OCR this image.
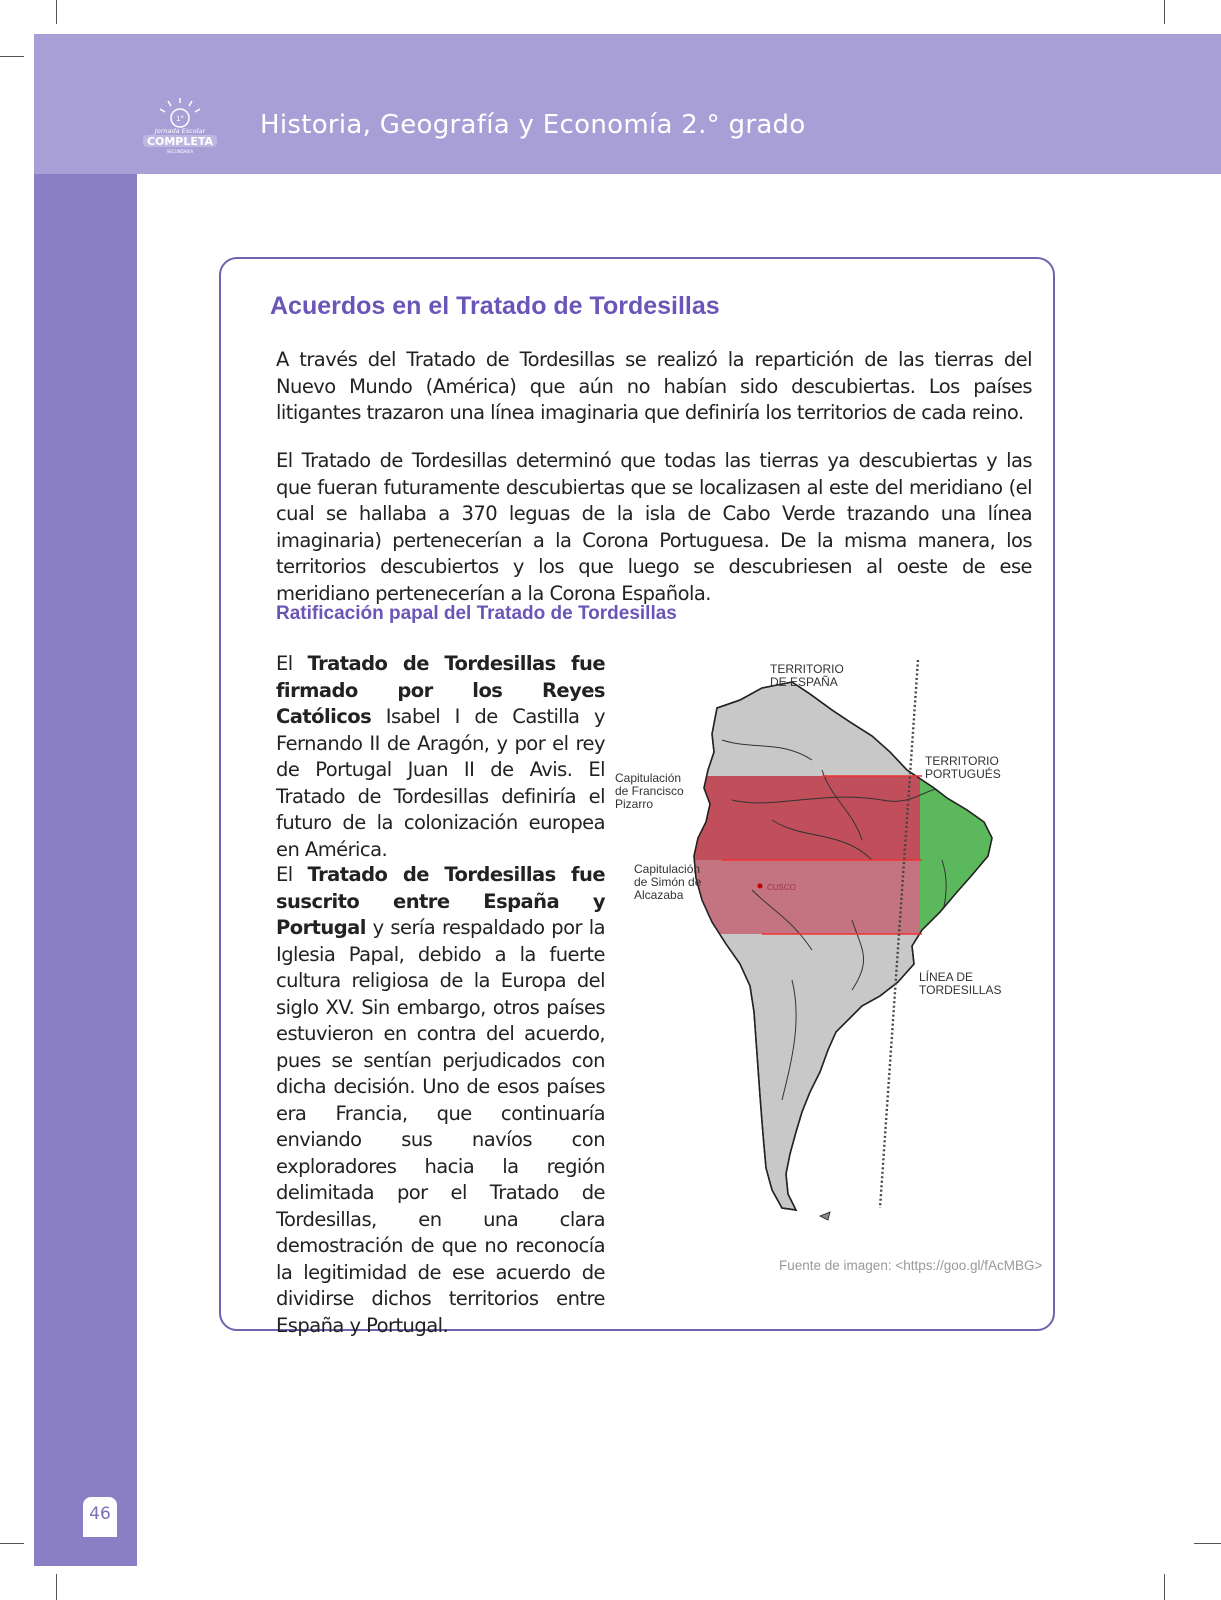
1°
Jornada Escolar
COMPLETA
SECUNDARIA
Historia, Geografía y Economía 2.° grado
46
Acuerdos en el Tratado de Tordesillas

A través del Tratado de Tordesillas se realizó la repartición de las tierras del Nuevo Mundo (América) que aún no habían sido descubiertas. Los países litigantes trazaron una línea imaginaria que definiría los territorios de cada reino.

El Tratado de Tordesillas determinó que todas las tierras ya descubiertas y las que fueran futuramente descubiertas que se localizasen al este del meridiano (el cual se hallaba a 370 leguas de la isla de Cabo Verde trazando una línea imaginaria) pertenecerían a la Corona Portuguesa. De la misma manera, los territorios descubiertos y los que luego se descubriesen al oeste de ese meridiano pertenecerían a la Corona Española.

Ratificación papal del Tratado de Tordesillas

El Tratado de Tordesillas fue firmado por los Reyes Católicos Isabel I de Castilla y Fernando II de Aragón, y por el rey de Portugal Juan II de Avis. El Tratado de Tordesillas definiría el futuro de la colonización europea en América.

El Tratado de Tordesillas fue suscrito entre España y Portugal y sería respaldado por la Iglesia Papal, debido a la fuerte cultura religiosa de la Europa del siglo XV. Sin embargo, otros países estuvieron en contra del acuerdo, pues se sentían perjudicados con dicha decisión. Uno de esos países era Francia, que continuaría enviando sus navíos con exploradores hacia la región delimitada por el Tratado de Tordesillas, en una clara demostración de que no reconocía la legitimidad de ese acuerdo de dividirse dichos territorios entre España y Portugal.

CUSCO
TERRITORIO
DE ESPAÑA
TERRITORIO
PORTUGUÉS
Capitulación
de Francisco
Pizarro
Capitulación
de Simón de
Alcazaba
LÍNEA DE
TORDESILLAS
Fuente de imagen: <https://goo.gl/fAcMBG>
